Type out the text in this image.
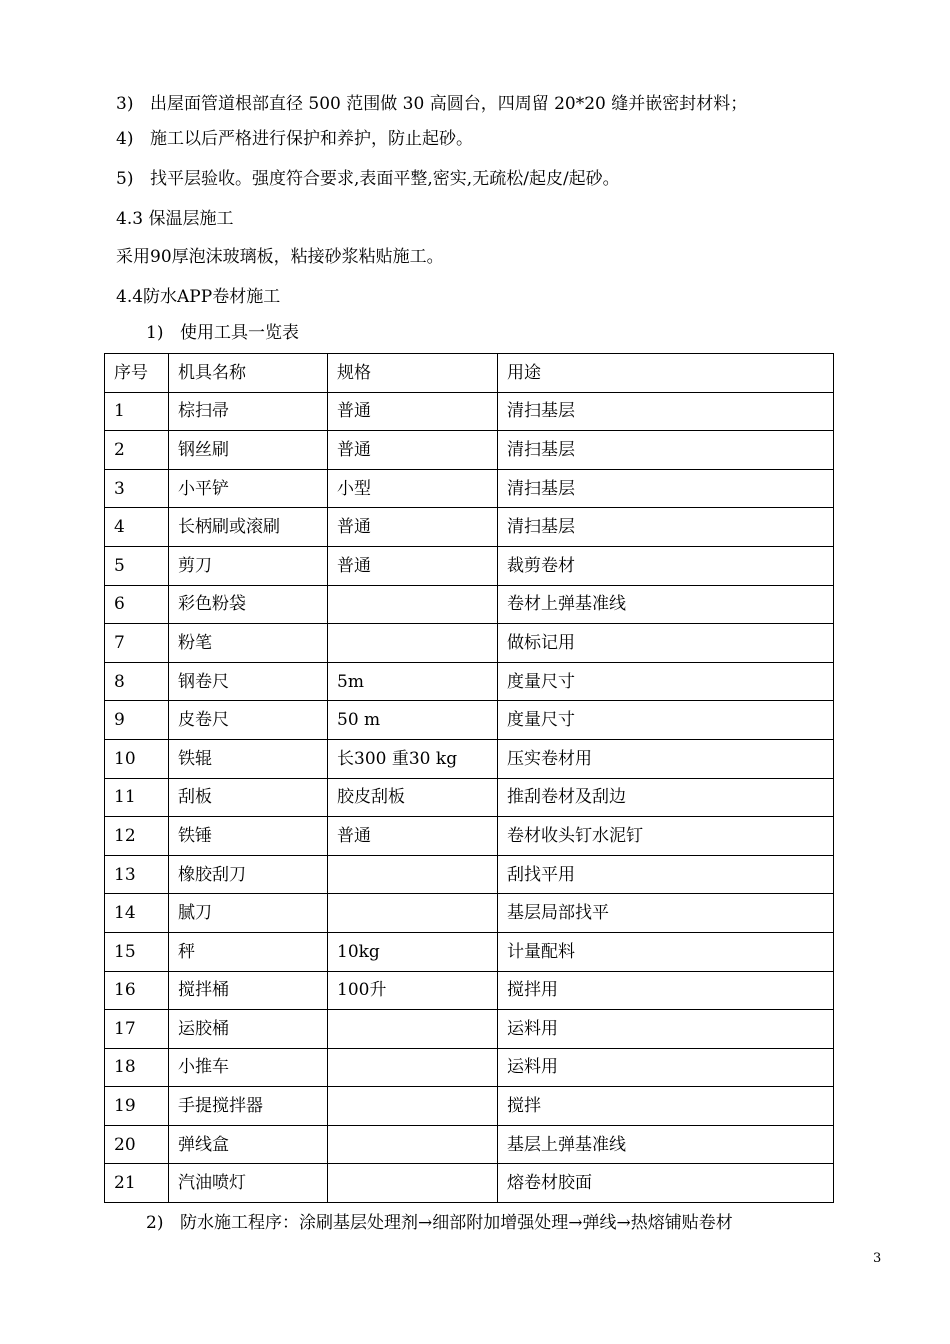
3) 出屋面管道根部直径 500 范围做 30 高圆台，四周留 20*20 缝并嵌密封材料；
4) 施工以后严格进行保护和养护，防止起砂。
5) 找平层验收。强度符合要求,表面平整,密实,无疏松/起皮/起砂。
4.3 保温层施工
采用90厚泡沫玻璃板，粘接砂浆粘贴施工。
4.4防水APP卷材施工
1) 使用工具一览表
序号	机具名称	规格	用途
1	棕扫帚	普通	清扫基层
2	钢丝刷	普通	清扫基层
3	小平铲	小型	清扫基层
4	长柄刷或滚刷	普通	清扫基层
5	剪刀	普通	裁剪卷材
6	彩色粉袋		卷材上弹基准线
7	粉笔		做标记用
8	钢卷尺	5m	度量尺寸
9	皮卷尺	50 m	度量尺寸
10	铁辊	长300 重30 kg	压实卷材用
11	刮板	胶皮刮板	推刮卷材及刮边
12	铁锤	普通	卷材收头钉水泥钉
13	橡胶刮刀		刮找平用
14	腻刀		基层局部找平
15	秤	10kg	计量配料
16	搅拌桶	100升	搅拌用
17	运胶桶		运料用
18	小推车		运料用
19	手提搅拌器		搅拌
20	弹线盒		基层上弹基准线
21	汽油喷灯		熔卷材胶面
2) 防水施工程序：涂刷基层处理剂→细部附加增强处理→弹线→热熔铺贴卷材
3
